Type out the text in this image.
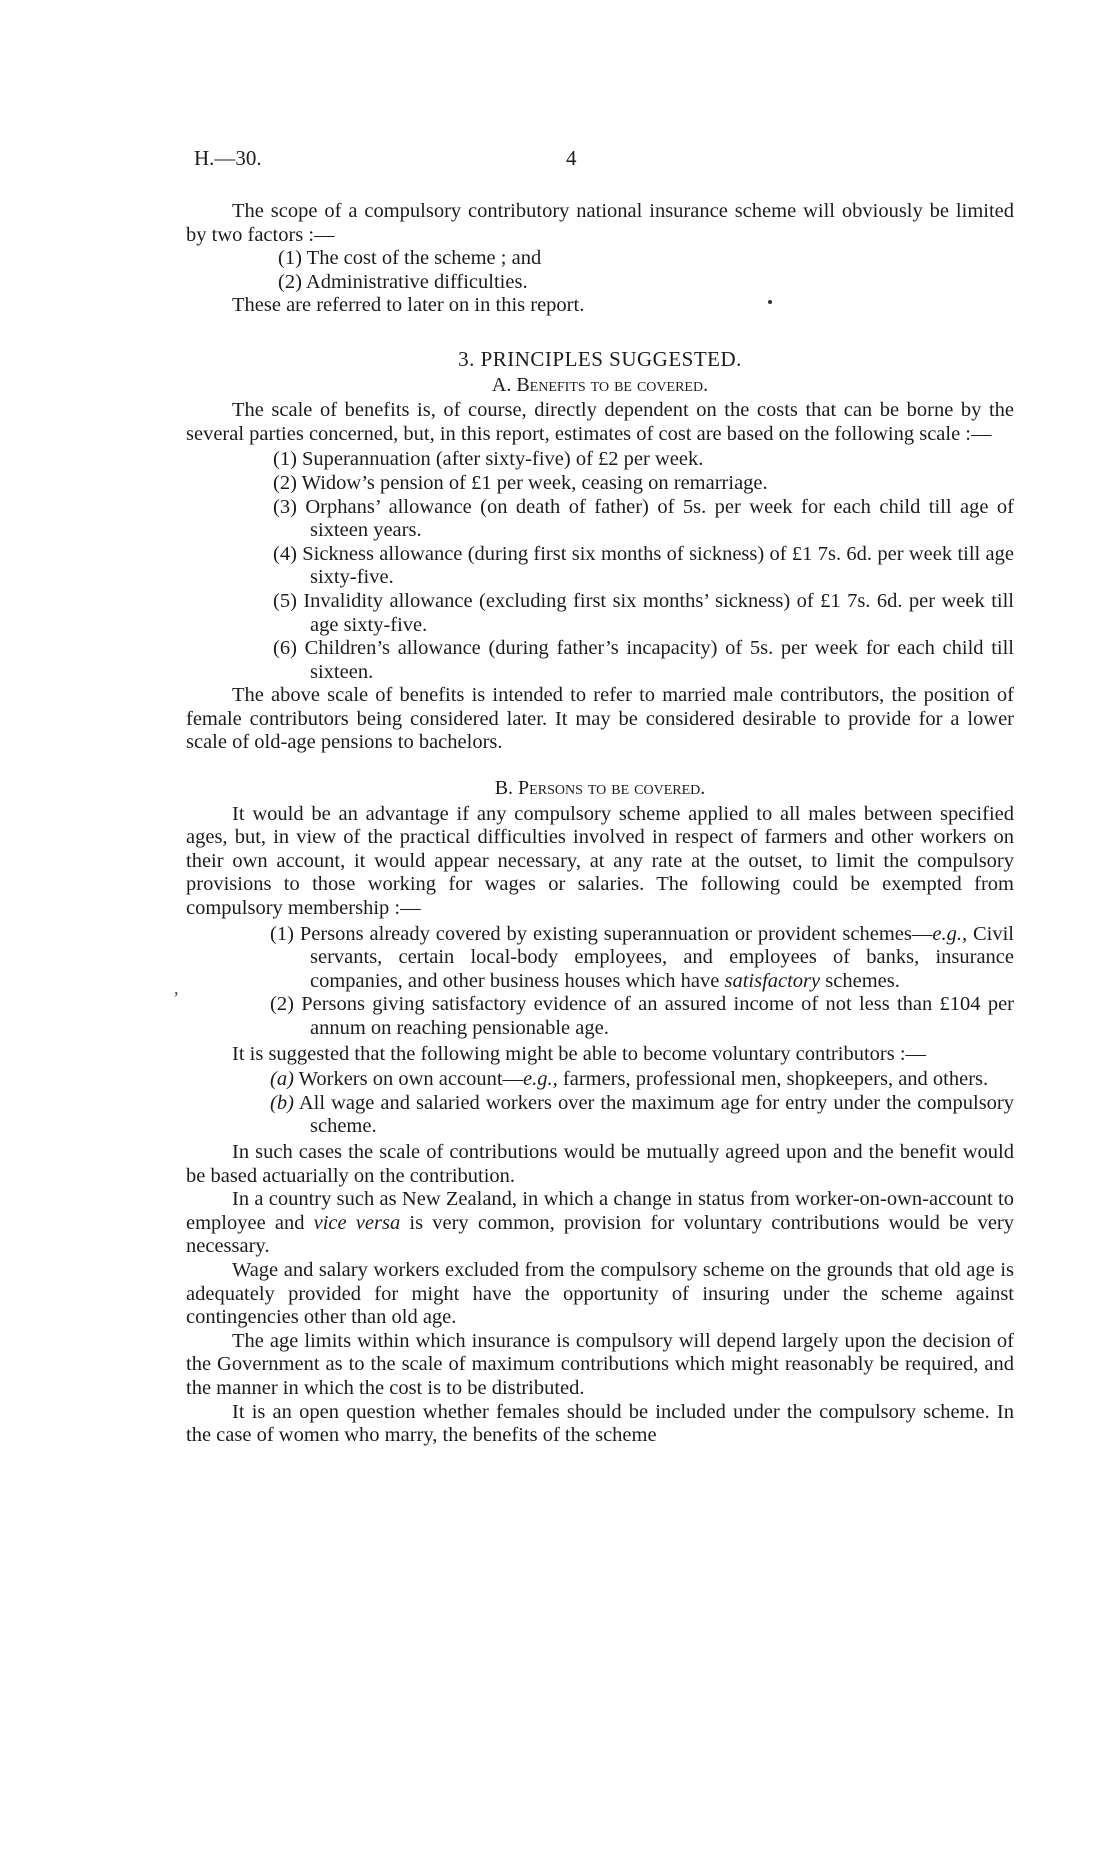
H.—30.	4
,

The scope of a compulsory contributory national insurance scheme will obviously be limited by two factors :—

(1) The cost of the scheme ; and
(2) Administrative difficulties.

These are referred to later on in this report.

3. PRINCIPLES SUGGESTED.

A. Benefits to be covered.

The scale of benefits is, of course, directly dependent on the costs that can be borne by the several parties concerned, but, in this report, estimates of cost are based on the following scale :—

(1) Superannuation (after sixty-five) of £2 per week.
(2) Widow’s pension of £1 per week, ceasing on remarriage.
(3) Orphans’ allowance (on death of father) of 5s. per week for each child till age of sixteen years.
(4) Sickness allowance (during first six months of sickness) of £1 7s. 6d. per week till age sixty-five.
(5) Invalidity allowance (excluding first six months’ sickness) of £1 7s. 6d. per week till age sixty-five.
(6) Children’s allowance (during father’s incapacity) of 5s. per week for each child till sixteen.

The above scale of benefits is intended to refer to married male contributors, the position of female contributors being considered later. It may be considered desirable to provide for a lower scale of old-age pensions to bachelors.

B. Persons to be covered.

It would be an advantage if any compulsory scheme applied to all males between specified ages, but, in view of the practical difficulties involved in respect of farmers and other workers on their own account, it would appear necessary, at any rate at the outset, to limit the compulsory provisions to those working for wages or salaries. The following could be exempted from compulsory membership :—

(1) Persons already covered by existing superannuation or provident schemes—e.g., Civil servants, certain local-body employees, and employees of banks, insurance companies, and other business houses which have satisfactory schemes.
(2) Persons giving satisfactory evidence of an assured income of not less than £104 per annum on reaching pensionable age.

It is suggested that the following might be able to become voluntary contributors :—

(a) Workers on own account—e.g., farmers, professional men, shopkeepers, and others.
(b) All wage and salaried workers over the maximum age for entry under the compulsory scheme.

In such cases the scale of contributions would be mutually agreed upon and the benefit would be based actuarially on the contribution.

In a country such as New Zealand, in which a change in status from worker-on-own-account to employee and vice versa is very common, provision for voluntary contributions would be very necessary.

Wage and salary workers excluded from the compulsory scheme on the grounds that old age is adequately provided for might have the opportunity of insuring under the scheme against contingencies other than old age.

The age limits within which insurance is compulsory will depend largely upon the decision of the Government as to the scale of maximum contributions which might reasonably be required, and the manner in which the cost is to be distributed.

It is an open question whether females should be included under the compulsory scheme. In the case of women who marry, the benefits of the scheme
